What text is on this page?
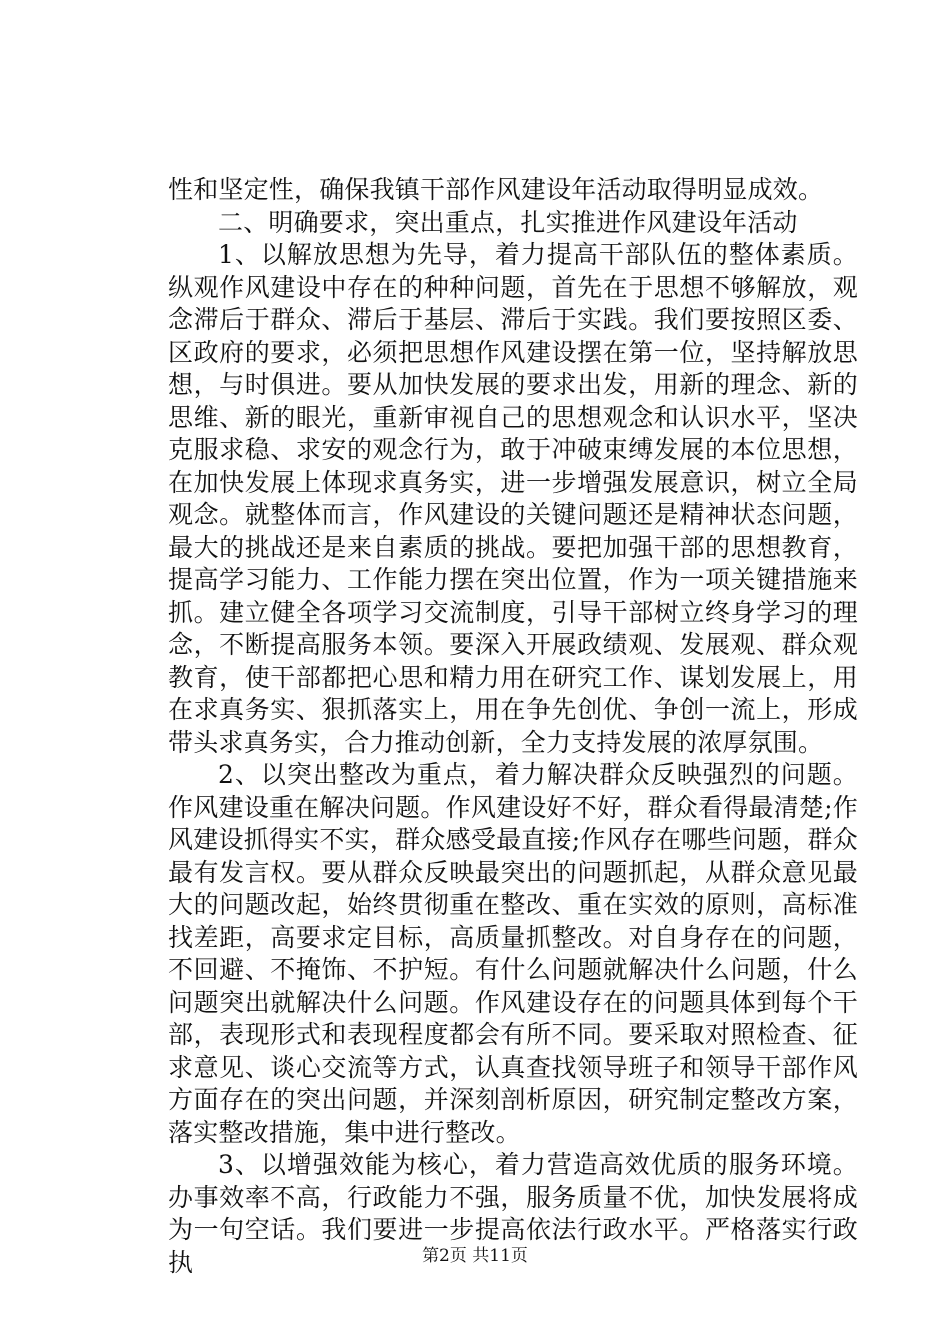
性和坚定性，确保我镇干部作风建设年活动取得明显成效。

二、明确要求，突出重点，扎实推进作风建设年活动

1、以解放思想为先导，着力提高干部队伍的整体素质。纵观作风建设中存在的种种问题，首先在于思想不够解放，观念滞后于群众、滞后于基层、滞后于实践。我们要按照区委、区政府的要求，必须把思想作风建设摆在第一位，坚持解放思想，与时俱进。要从加快发展的要求出发，用新的理念、新的思维、新的眼光，重新审视自己的思想观念和认识水平，坚决克服求稳、求安的观念行为，敢于冲破束缚发展的本位思想，在加快发展上体现求真务实，进一步增强发展意识，树立全局观念。就整体而言，作风建设的关键问题还是精神状态问题，最大的挑战还是来自素质的挑战。要把加强干部的思想教育，提高学习能力、工作能力摆在突出位置，作为一项关键措施来抓。建立健全各项学习交流制度，引导干部树立终身学习的理念，不断提高服务本领。要深入开展政绩观、发展观、群众观教育，使干部都把心思和精力用在研究工作、谋划发展上，用在求真务实、狠抓落实上，用在争先创优、争创一流上，形成带头求真务实，合力推动创新，全力支持发展的浓厚氛围。

2、以突出整改为重点，着力解决群众反映强烈的问题。作风建设重在解决问题。作风建设好不好，群众看得最清楚;作风建设抓得实不实，群众感受最直接;作风存在哪些问题，群众最有发言权。要从群众反映最突出的问题抓起，从群众意见最大的问题改起，始终贯彻重在整改、重在实效的原则，高标准找差距，高要求定目标，高质量抓整改。对自身存在的问题，不回避、不掩饰、不护短。有什么问题就解决什么问题，什么问题突出就解决什么问题。作风建设存在的问题具体到每个干部，表现形式和表现程度都会有所不同。要采取对照检查、征求意见、谈心交流等方式，认真查找领导班子和领导干部作风方面存在的突出问题，并深刻剖析原因，研究制定整改方案，落实整改措施，集中进行整改。

3、以增强效能为核心，着力营造高效优质的服务环境。办事效率不高，行政能力不强，服务质量不优，加快发展将成为一句空话。我们要进一步提高依法行政水平。严格落实行政执	第2页 共11页
